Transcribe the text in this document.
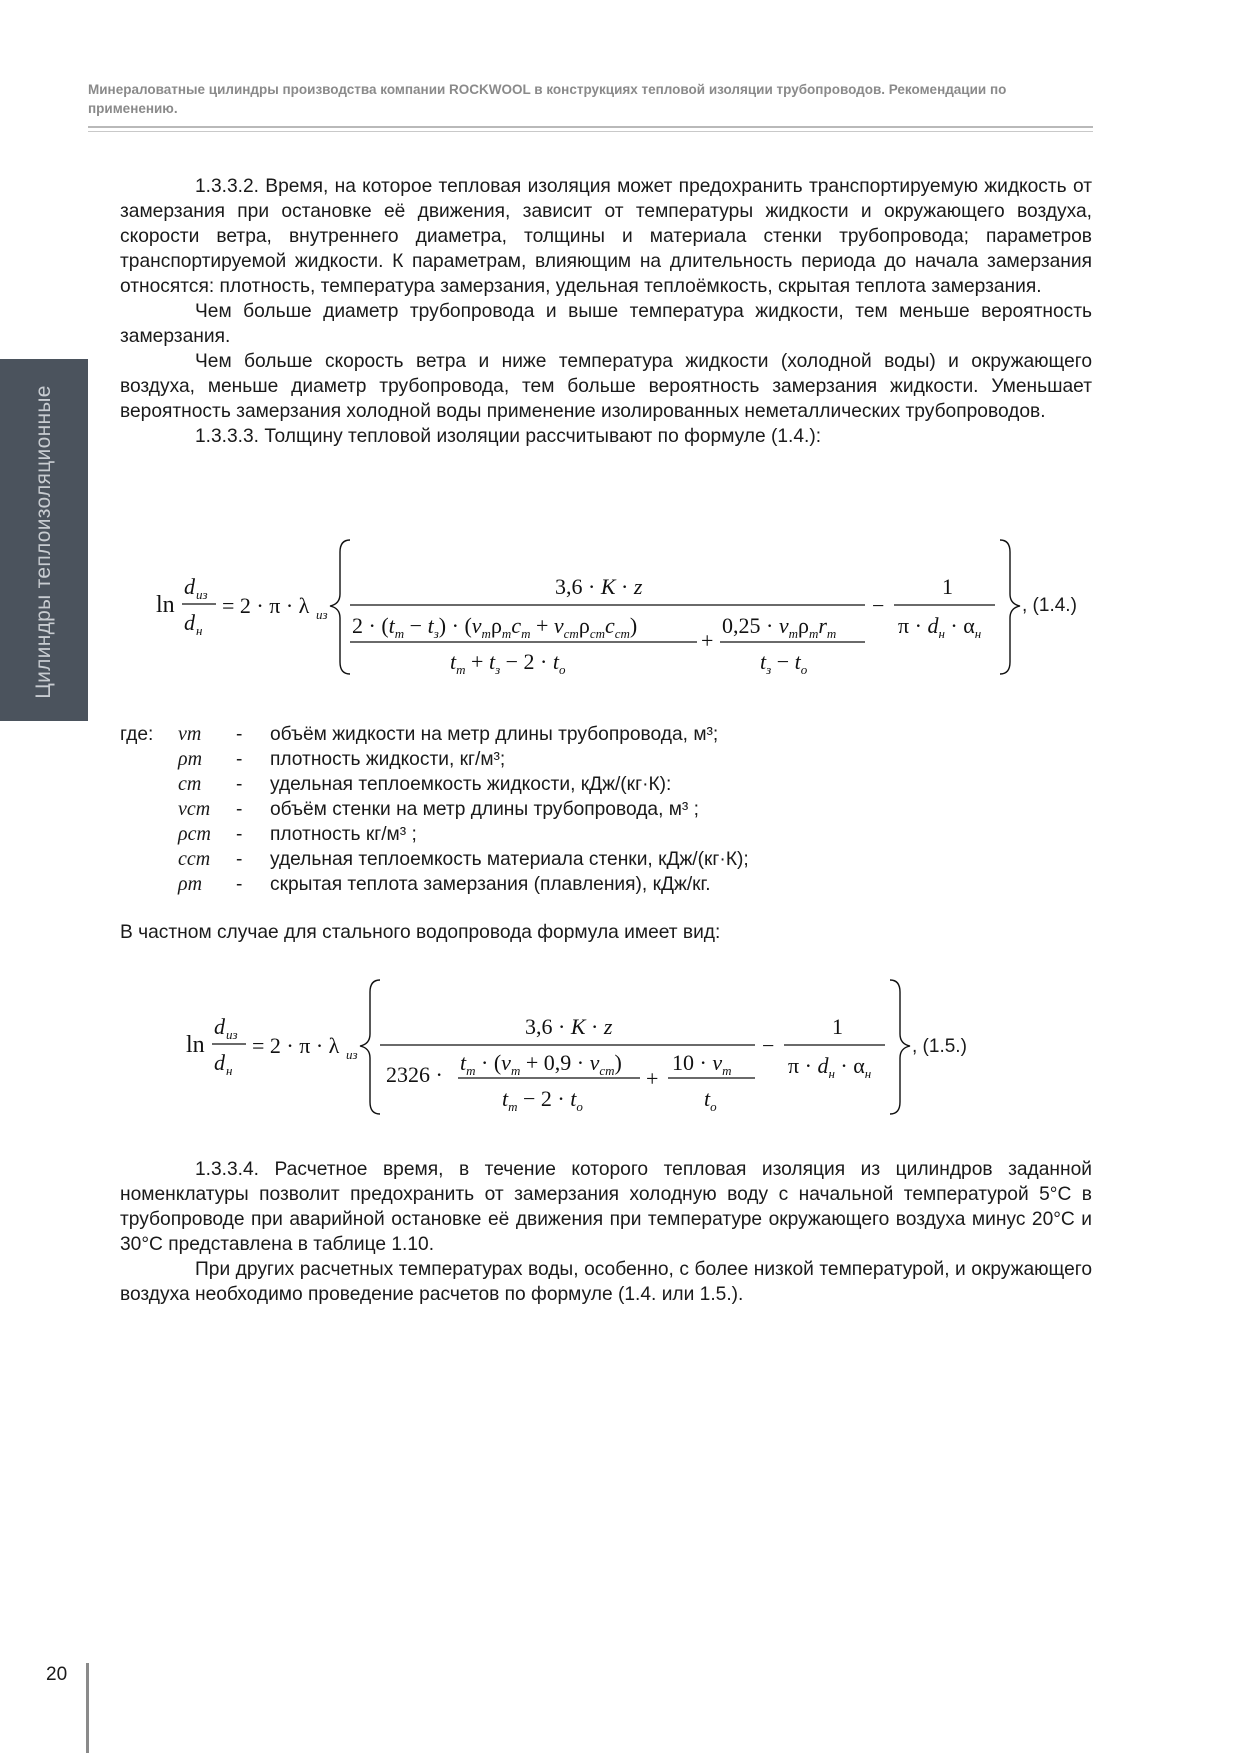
Минераловатные цилиндры производства компании ROCKWOOL в конструкциях тепловой изоляции трубопроводов. Рекомендации по применению.
Цилиндры теплоизоляционные

1.3.3.2. Время, на которое тепловая изоляция может предохранить транспортируемую жидкость от замерзания при остановке её движения, зависит от температуры жидкости и окружающего воздуха, скорости ветра, внутреннего диаметра, толщины и материала стенки трубопровода; параметров транспортируемой жидкости. К параметрам, влияющим на длительность периода до начала замерзания относятся: плотность, температура замерзания, удельная теплоёмкость, скрытая теплота замерзания.

Чем больше диаметр трубопровода и выше температура жидкости, тем меньше вероятность замерзания.

Чем больше скорость ветра и ниже температура жидкости (холодной воды) и окружающего воздуха, меньше диаметр трубопровода, тем больше вероятность замерзания жидкости. Уменьшает вероятность замерзания холодной воды применение изолированных неметаллических трубопроводов.

1.3.3.3. Толщину тепловой изоляции рассчитывают по формуле (1.4.):

ln
d из
d н
= 2 · π · λ из
3,6 · K · z
$2 \cdot (t_т - t_з) \cdot (\nu_т\rho_тc_т + \nu_{ст}\rho_{ст}c_{ст})$
$t_т + t_з - 2 \cdot t_о$
+
$0,25 \cdot \nu_т\rho_тr_т$
$t_з - t_о$
−
1
$\pi \cdot d_н \cdot \alpha_н$
, (1.4.)
где: νm - объём жидкости на метр длины трубопровода, м³;
ρm - плотность жидкости, кг/м³;
cm - удельная теплоемкость жидкости, кДж/(кг·К):
νст - объём стенки на метр длины трубопровода, м³ ;
ρст - плотность кг/м³ ;
cст - удельная теплоемкость материала стенки, кДж/(кг·К);
ρm - скрытая теплота замерзания (плавления), кДж/кг.
В частном случае для стального водопровода формула имеет вид:
ln
d из
d н
= 2 · π · λ из
3,6 · K · z
$2326 \cdot t_т \cdot (\nu_т + 0,9 \cdot \nu_{ст})$
$t_т - 2 \cdot t_о$
+
$10 \cdot \nu_т$
$t_о$
−
1
$\pi \cdot d_н \cdot \alpha_н$
, (1.5.)

1.3.3.4. Расчетное время, в течение которого тепловая изоляция из цилиндров заданной номенклатуры позволит предохранить от замерзания холодную воду с начальной температурой 5°С в трубопроводе при аварийной остановке её движения при температуре окружающего воздуха минус 20°С и 30°С представлена в таблице 1.10.

При других расчетных температурах воды, особенно, с более низкой температурой, и окружающего воздуха необходимо проведение расчетов по формуле (1.4. или 1.5.).

20
